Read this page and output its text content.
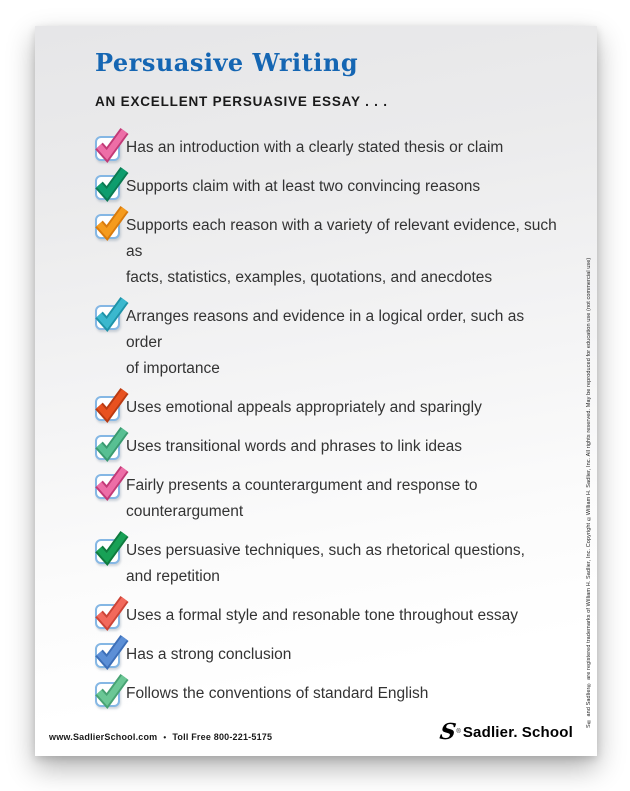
Persuasive Writing
AN EXCELLENT PERSUASIVE ESSAY . . .
Has an introduction with a clearly stated thesis or claim
Supports claim with at least two convincing reasons
Supports each reason with a variety of relevant evidence, such as
facts, statistics, examples, quotations, and anecdotes
Arranges reasons and evidence in a logical order, such as order
of importance
Uses emotional appeals appropriately and sparingly
Uses transitional words and phrases to link ideas
Fairly presents a counterargument and response to counterargument
Uses persuasive techniques, such as rhetorical questions,
and repetition
Uses a formal style and resonable tone throughout essay
Has a strong conclusion
Follows the conventions of standard English
www.SadlierSchool.com • Toll Free 800-221-5175	S ® Sadlier. School
S® and Sadlier® are registered trademarks of William H. Sadlier, Inc. Copyright ©William H. Sadlier, Inc. All rights reserved. May be reproduced for education use (not commercial use)
